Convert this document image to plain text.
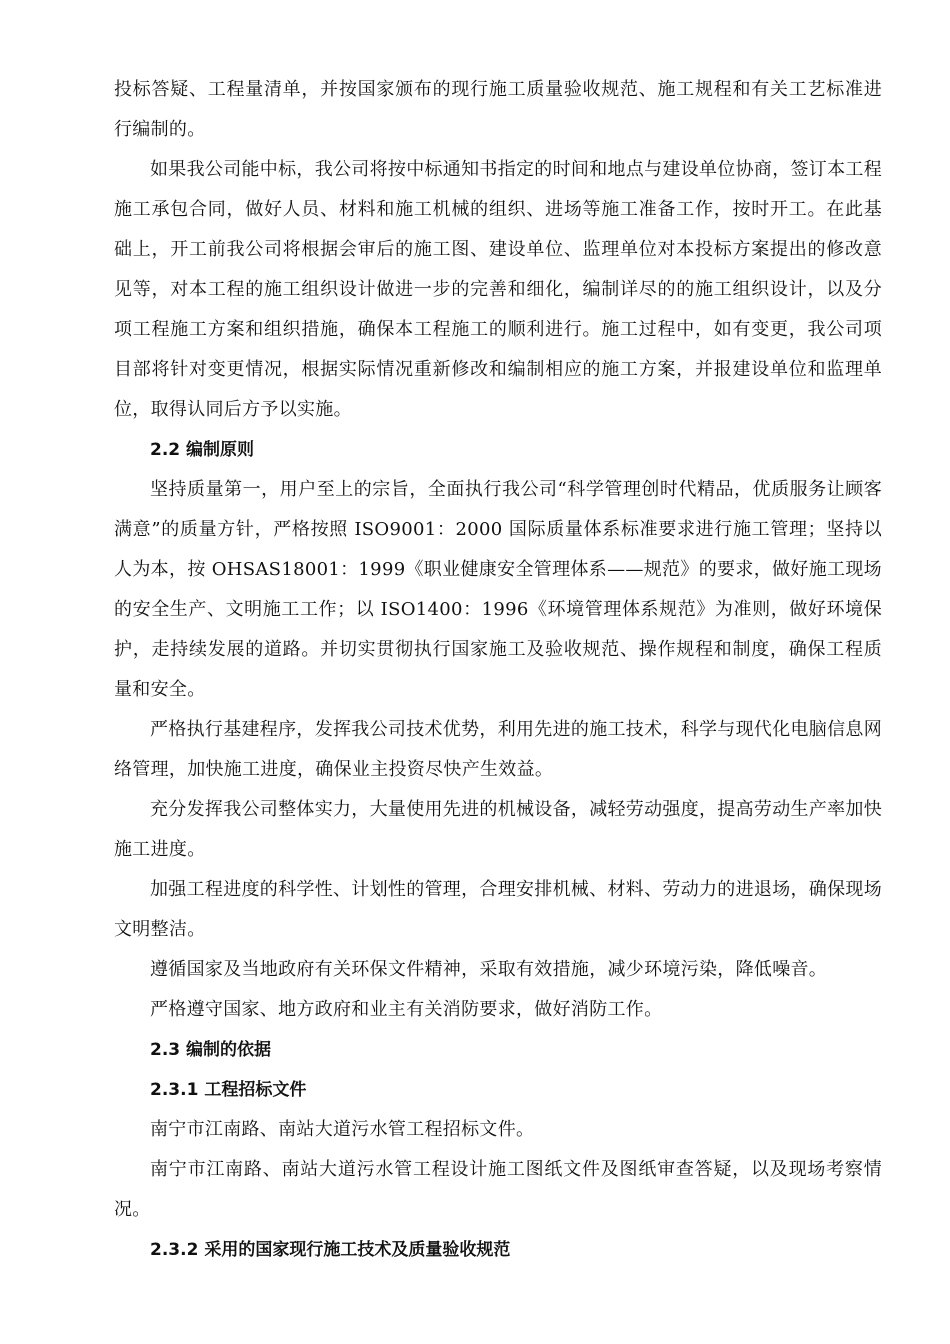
投标答疑、工程量清单，并按国家颁布的现行施工质量验收规范、施工规程和有关工艺标准进行编制的。

如果我公司能中标，我公司将按中标通知书指定的时间和地点与建设单位协商，签订本工程施工承包合同，做好人员、材料和施工机械的组织、进场等施工准备工作，按时开工。在此基础上，开工前我公司将根据会审后的施工图、建设单位、监理单位对本投标方案提出的修改意见等，对本工程的施工组织设计做进一步的完善和细化，编制详尽的的施工组织设计，以及分项工程施工方案和组织措施，确保本工程施工的顺利进行。施工过程中，如有变更，我公司项目部将针对变更情况，根据实际情况重新修改和编制相应的施工方案，并报建设单位和监理单位，取得认同后方予以实施。

2.2 编制原则

坚持质量第一，用户至上的宗旨，全面执行我公司“科学管理创时代精品，优质服务让顾客满意”的质量方针，严格按照 ISO9001：2000 国际质量体系标准要求进行施工管理；坚持以人为本，按 OHSAS18001：1999《职业健康安全管理体系——规范》的要求，做好施工现场的安全生产、文明施工工作；以 ISO1400：1996《环境管理体系规范》为准则，做好环境保护，走持续发展的道路。并切实贯彻执行国家施工及验收规范、操作规程和制度，确保工程质量和安全。

严格执行基建程序，发挥我公司技术优势，利用先进的施工技术，科学与现代化电脑信息网络管理，加快施工进度，确保业主投资尽快产生效益。

充分发挥我公司整体实力，大量使用先进的机械设备，减轻劳动强度，提高劳动生产率加快施工进度。

加强工程进度的科学性、计划性的管理，合理安排机械、材料、劳动力的进退场，确保现场文明整洁。

遵循国家及当地政府有关环保文件精神，采取有效措施，减少环境污染，降低噪音。

严格遵守国家、地方政府和业主有关消防要求，做好消防工作。

2.3 编制的依据
2.3.1 工程招标文件

南宁市江南路、南站大道污水管工程招标文件。

南宁市江南路、南站大道污水管工程设计施工图纸文件及图纸审查答疑，以及现场考察情况。

2.3.2 采用的国家现行施工技术及质量验收规范
